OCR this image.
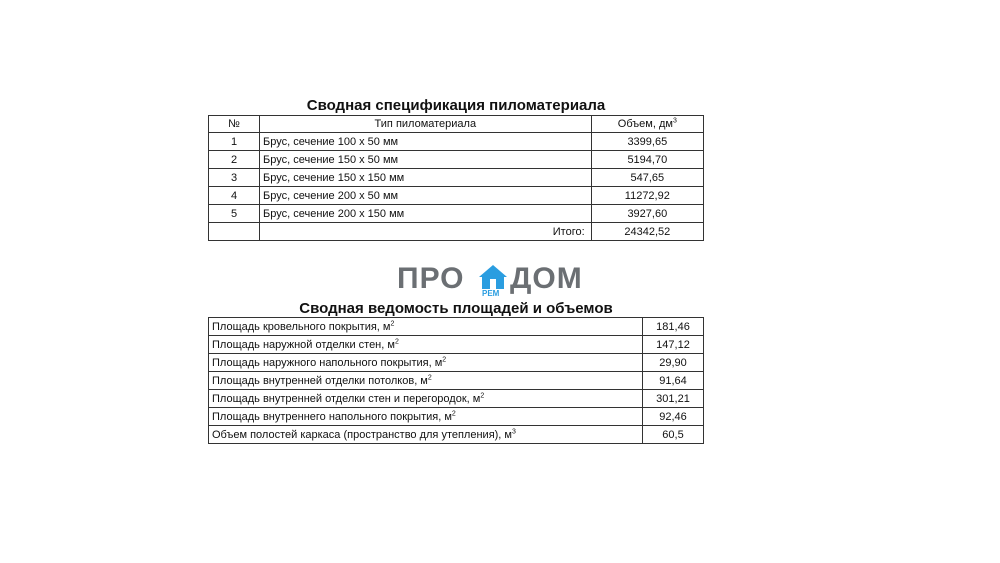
Сводная спецификация пиломатериала
№	Тип пиломатериала	Объем, $дм^3$
1	Брус, сечение 100 х 50 мм	3399,65
2	Брус, сечение 150 х 50 мм	5194,70
3	Брус, сечение 150 х 150 мм	547,65
4	Брус, сечение 200 х 50 мм	11272,92
5	Брус, сечение 200 х 150 мм	3927,60
	Итого:	24342,52
ПРО РЕМ ДОМ
Сводная ведомость площадей и объемов
Площадь кровельного покрытия, $м^2$	181,46
Площадь наружной отделки стен, $м^2$	147,12
Площадь наружного напольного покрытия, $м^2$	29,90
Площадь внутренней отделки потолков, $м^2$	91,64
Площадь внутренней отделки стен и перегородок, $м^2$	301,21
Площадь внутреннего напольного покрытия, $м^2$	92,46
Объем полостей каркаса (пространство для утепления), $м^3$	60,5
